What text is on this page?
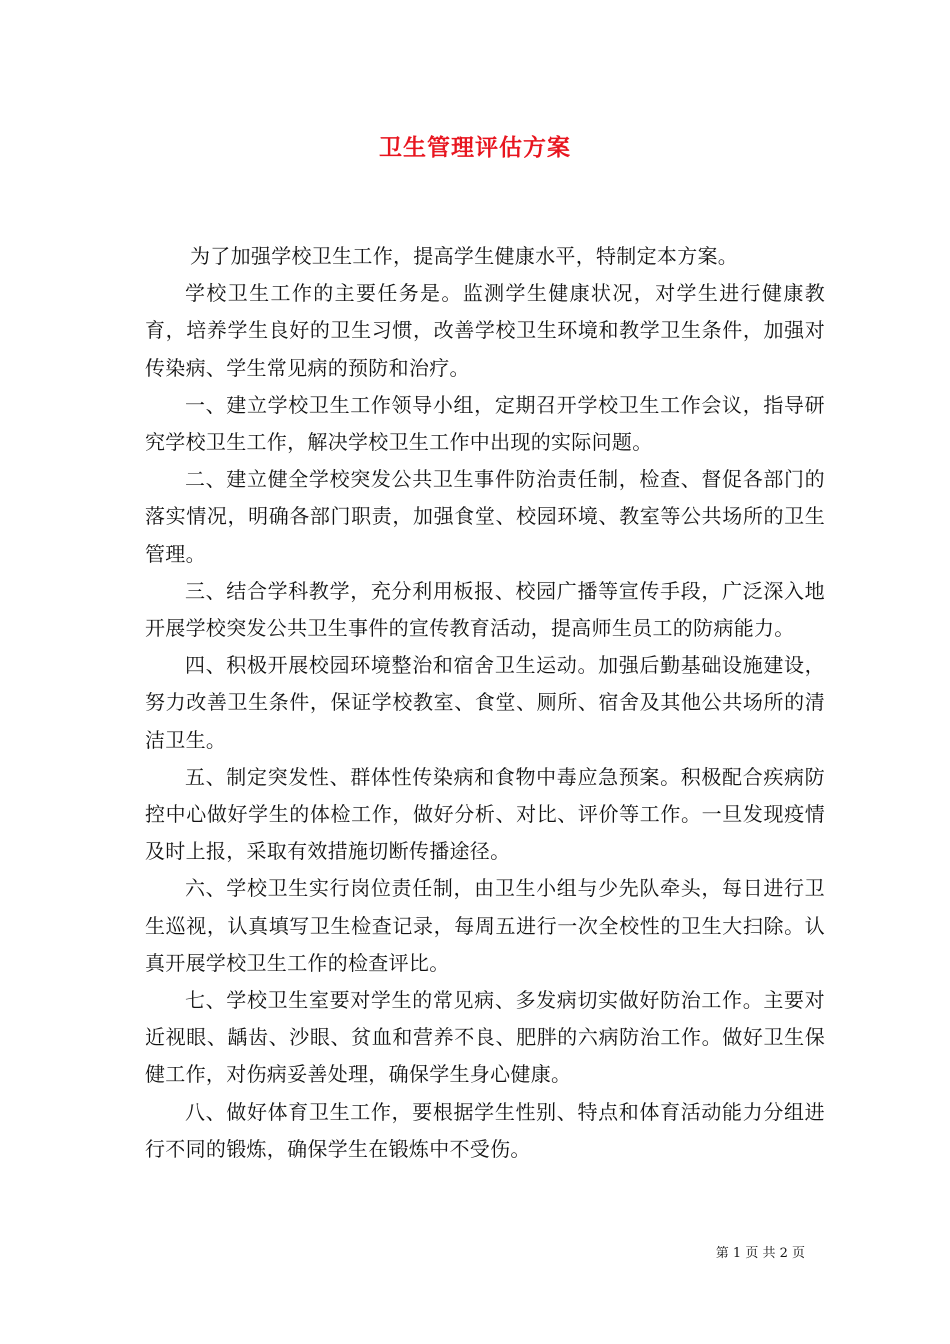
卫生管理评估方案

为了加强学校卫生工作，提高学生健康水平，特制定本方案。

学校卫生工作的主要任务是。监测学生健康状况，对学生进行健康教育，培养学生良好的卫生习惯，改善学校卫生环境和教学卫生条件，加强对传染病、学生常见病的预防和治疗。

一、建立学校卫生工作领导小组，定期召开学校卫生工作会议，指导研究学校卫生工作，解决学校卫生工作中出现的实际问题。

二、建立健全学校突发公共卫生事件防治责任制，检查、督促各部门的落实情况，明确各部门职责，加强食堂、校园环境、教室等公共场所的卫生管理。

三、结合学科教学，充分利用板报、校园广播等宣传手段，广泛深入地开展学校突发公共卫生事件的宣传教育活动，提高师生员工的防病能力。

四、积极开展校园环境整治和宿舍卫生运动。加强后勤基础设施建设，努力改善卫生条件，保证学校教室、食堂、厕所、宿舍及其他公共场所的清洁卫生。

五、制定突发性、群体性传染病和食物中毒应急预案。积极配合疾病防控中心做好学生的体检工作，做好分析、对比、评价等工作。一旦发现疫情及时上报，采取有效措施切断传播途径。

六、学校卫生实行岗位责任制，由卫生小组与少先队牵头，每日进行卫生巡视，认真填写卫生检查记录，每周五进行一次全校性的卫生大扫除。认真开展学校卫生工作的检查评比。

七、学校卫生室要对学生的常见病、多发病切实做好防治工作。主要对近视眼、龋齿、沙眼、贫血和营养不良、肥胖的六病防治工作。做好卫生保健工作，对伤病妥善处理，确保学生身心健康。

八、做好体育卫生工作，要根据学生性别、特点和体育活动能力分组进行不同的锻炼，确保学生在锻炼中不受伤。

第 1 页 共 2 页
